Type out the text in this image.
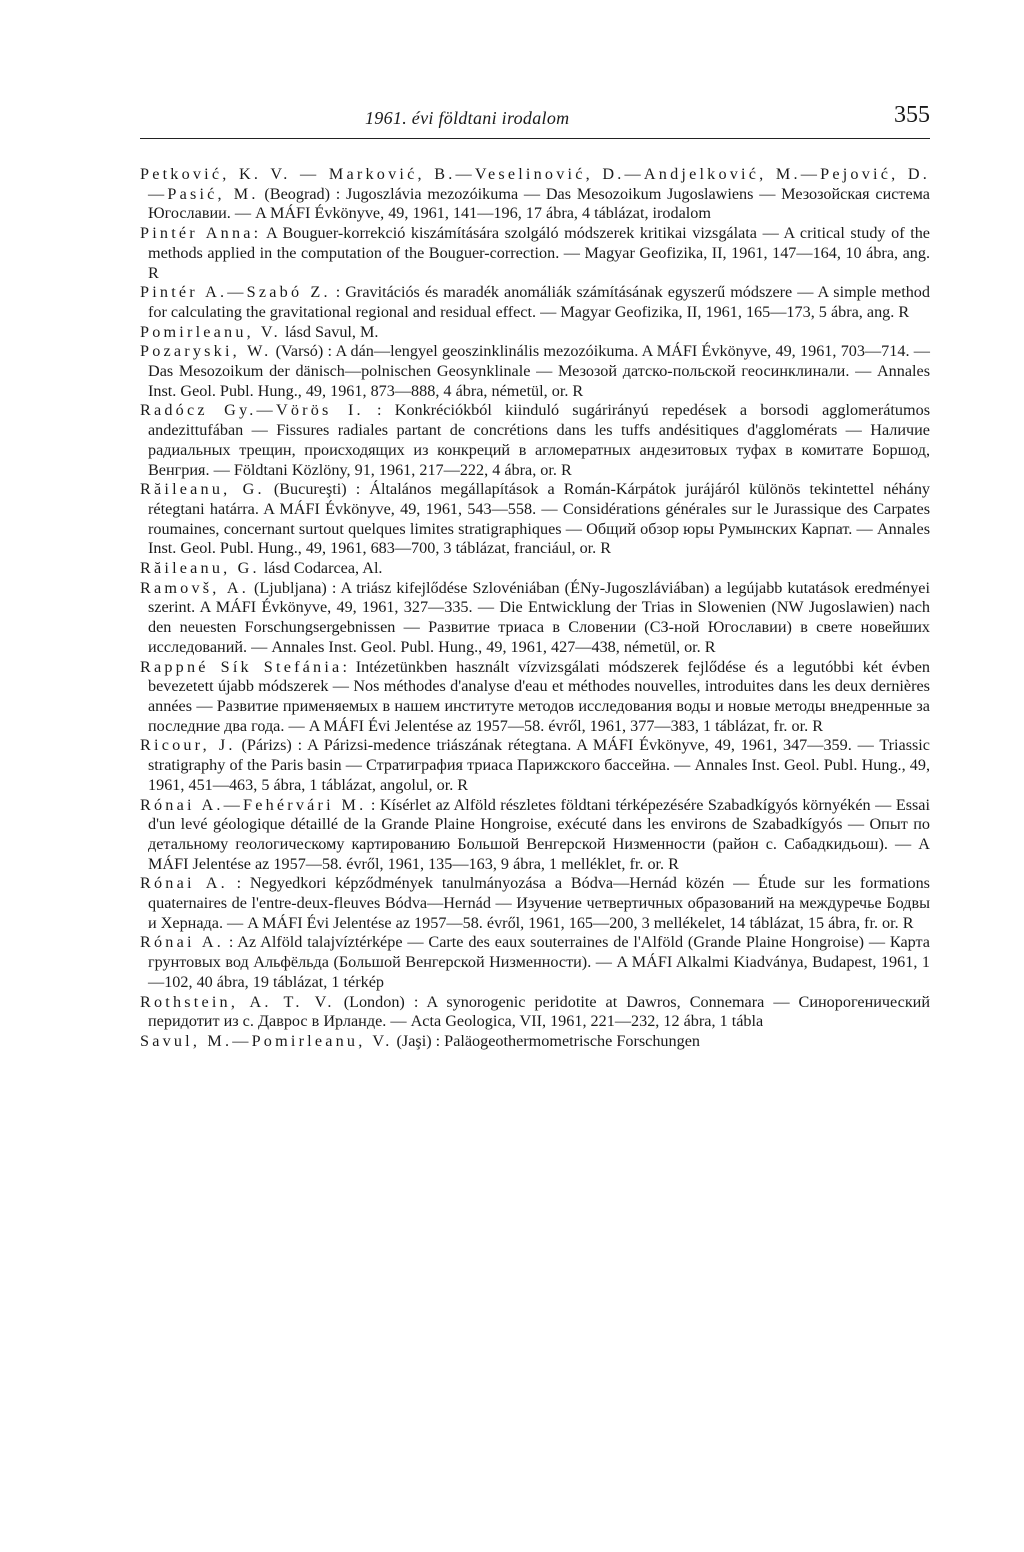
1961. évi földtani irodalom	355

Petković, K. V. — Marković, B.—Veselinović, D.—Andjelković, M.—Pejović, D.—Pasić, M. (Beograd) : Jugoszlávia mezozóikuma — Das Mesozoikum Jugoslawiens — Мезозойская система Югославии. — A MÁFI Évkönyve, 49, 1961, 141—196, 17 ábra, 4 táblázat, irodalom

Pintér Anna: A Bouguer-korrekció kiszámítására szolgáló módszerek kritikai vizsgálata — A critical study of the methods applied in the computation of the Bouguer-correction. — Magyar Geofizika, II, 1961, 147—164, 10 ábra, ang. R

Pintér A.—Szabó Z. : Gravitációs és maradék anomáliák számításának egyszerű módszere — A simple method for calculating the gravitational regional and residual effect. — Magyar Geofizika, II, 1961, 165—173, 5 ábra, ang. R

Pomirleanu, V. lásd Savul, M.

Pozaryski, W. (Varsó) : A dán—lengyel geoszinklinális mezozóikuma. A MÁFI Évkönyve, 49, 1961, 703—714. — Das Mesozoikum der dänisch—polnischen Geosynklinale — Мезозой датско-польской геосинклинали. — Annales Inst. Geol. Publ. Hung., 49, 1961, 873—888, 4 ábra, németül, or. R

Radócz Gy.—Vörös I. : Konkréciókból kiinduló sugárirányú repedések a borsodi agglomerátumos andezittufában — Fissures radiales partant de concrétions dans les tuffs andésitiques d'agglomérats — Наличие радиальных трещин, происходящих из конкреций в агломератных андезитовых туфах в комитате Боршод, Венгрия. — Földtani Közlöny, 91, 1961, 217—222, 4 ábra, or. R

Răileanu, G. (Bucureşti) : Általános megállapítások a Román-Kárpátok jurájáról különös tekintettel néhány rétegtani határra. A MÁFI Évkönyve, 49, 1961, 543—558. — Considérations générales sur le Jurassique des Carpates roumaines, concernant surtout quelques limites stratigraphiques — Общий обзор юры Румынских Карпат. — Annales Inst. Geol. Publ. Hung., 49, 1961, 683—700, 3 táblázat, franciául, or. R

Răileanu, G. lásd Codarcea, Al.

Ramovš, A. (Ljubljana) : A triász kifejlődése Szlovéniában (ÉNy-Jugoszláviában) a legújabb kutatások eredményei szerint. A MÁFI Évkönyve, 49, 1961, 327—335. — Die Entwicklung der Trias in Slowenien (NW Jugoslawien) nach den neuesten Forschungsergebnissen — Развитие триаса в Словении (СЗ-ной Югославии) в свете новейших исследований. — Annales Inst. Geol. Publ. Hung., 49, 1961, 427—438, németül, or. R

Rappné Sík Stefánia: Intézetünkben használt vízvizsgálati módszerek fejlődése és a legutóbbi két évben bevezetett újabb módszerek — Nos méthodes d'analyse d'eau et méthodes nouvelles, introduites dans les deux dernières années — Развитие применяемых в нашем институте методов исследования воды и новые методы внедренные за последние два года. — A MÁFI Évi Jelentése az 1957—58. évről, 1961, 377—383, 1 táblázat, fr. or. R

Ricour, J. (Párizs) : A Párizsi-medence triászának rétegtana. A MÁFI Évkönyve, 49, 1961, 347—359. — Triassic stratigraphy of the Paris basin — Стратиграфия триаса Парижского бассейна. — Annales Inst. Geol. Publ. Hung., 49, 1961, 451—463, 5 ábra, 1 táblázat, angolul, or. R

Rónai A.—Fehérvári M. : Kísérlet az Alföld részletes földtani térképezésére Szabadkígyós környékén — Essai d'un levé géologique détaillé de la Grande Plaine Hongroise, exécuté dans les environs de Szabadkígyós — Опыт по детальному геологическому картированию Большой Венгерской Низменности (район с. Сабадкидьош). — A MÁFI Jelentése az 1957—58. évről, 1961, 135—163, 9 ábra, 1 melléklet, fr. or. R

Rónai A. : Negyedkori képződmények tanulmányozása a Bódva—Hernád közén — Étude sur les formations quaternaires de l'entre-deux-fleuves Bódva—Hernád — Изучение четвертичных образований на междуречье Бодвы и Хернада. — A MÁFI Évi Jelentése az 1957—58. évről, 1961, 165—200, 3 mellékelet, 14 táblázat, 15 ábra, fr. or. R

Rónai A. : Az Alföld talajvíztérképe — Carte des eaux souterraines de l'Alföld (Grande Plaine Hongroise) — Карта грунтовых вод Альфёльда (Большой Венгерской Низменности). — A MÁFI Alkalmi Kiadványa, Budapest, 1961, 1—102, 40 ábra, 19 táblázat, 1 térkép

Rothstein, A. T. V. (London) : A synorogenic peridotite at Dawros, Connemara — Синорогенический перидотит из с. Даврос в Ирланде. — Acta Geologica, VII, 1961, 221—232, 12 ábra, 1 tábla

Savul, M.—Pomirleanu, V. (Jaşi) : Paläogeothermometrische Forschungen
